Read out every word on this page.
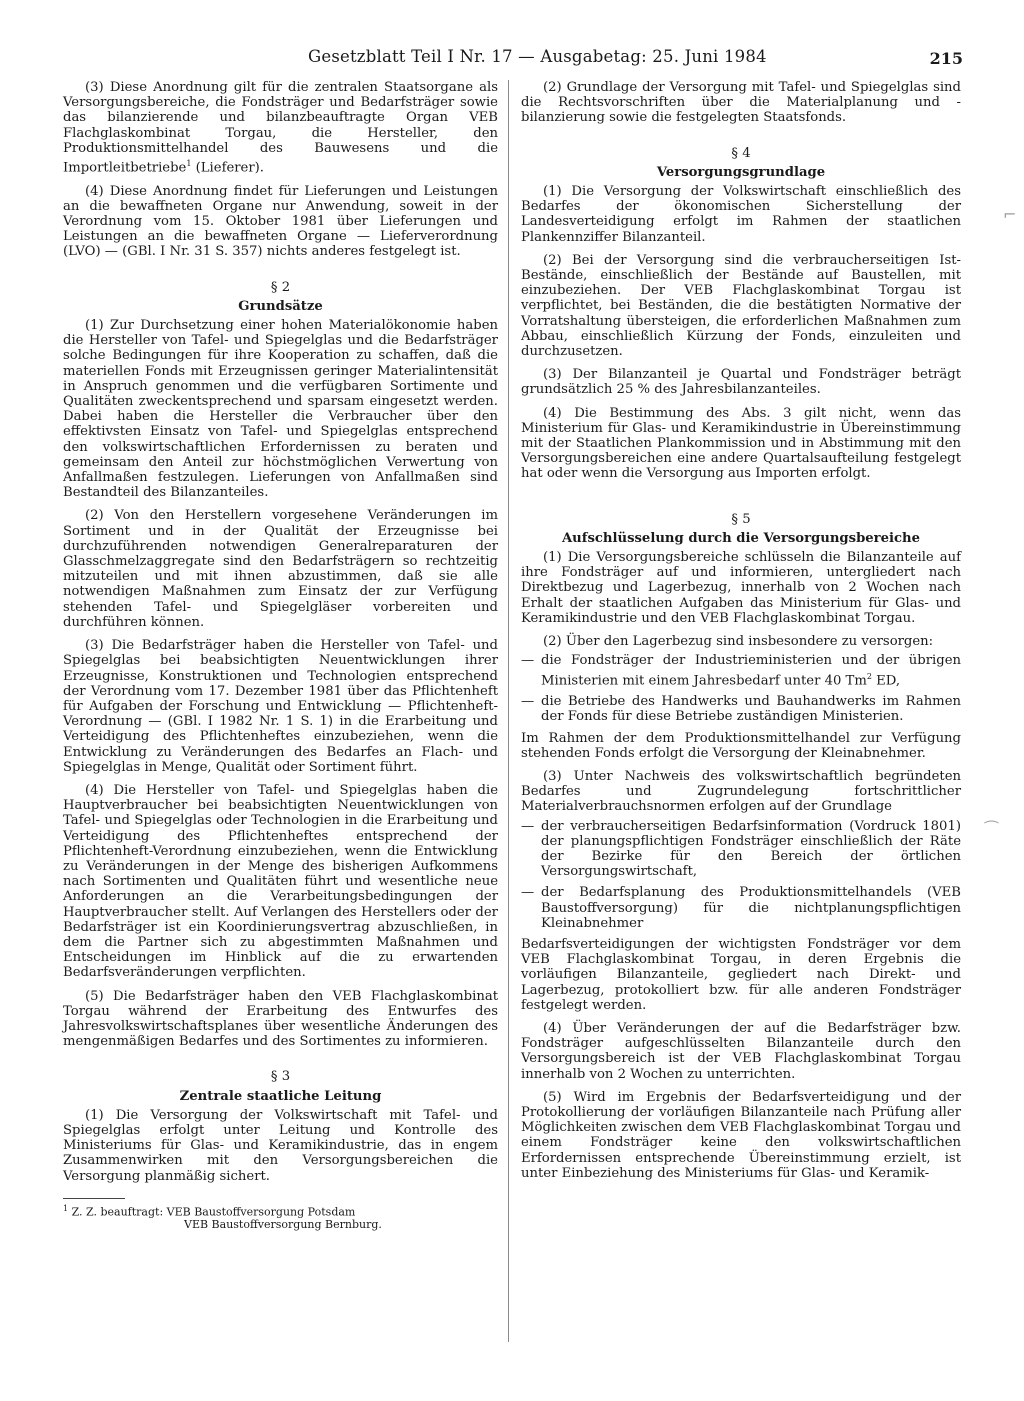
Gesetzblatt Teil I Nr. 17 — Ausgabetag: 25. Juni 1984	215

(3) Diese Anordnung gilt für die zentralen Staatsorgane als Versorgungsbereiche, die Fondsträger und Bedarfsträger sowie das bilanzierende und bilanzbeauftragte Organ VEB Flachglaskombinat Torgau, die Hersteller, den Produktionsmittelhandel des Bauwesens und die Importleitbetriebe$^1$ (Lieferer).

(4) Diese Anordnung findet für Lieferungen und Leistungen an die bewaffneten Organe nur Anwendung, soweit in der Verordnung vom 15. Oktober 1981 über Lieferungen und Leistungen an die bewaffneten Organe — Lieferverordnung (LVO) — (GBl. I Nr. 31 S. 357) nichts anderes festgelegt ist.

§ 2
Grundsätze

(1) Zur Durchsetzung einer hohen Materialökonomie haben die Hersteller von Tafel- und Spiegelglas und die Bedarfsträger solche Bedingungen für ihre Kooperation zu schaffen, daß die materiellen Fonds mit Erzeugnissen geringer Materialintensität in Anspruch genommen und die verfügbaren Sortimente und Qualitäten zweckentsprechend und sparsam eingesetzt werden. Dabei haben die Hersteller die Verbraucher über den effektivsten Einsatz von Tafel- und Spiegelglas entsprechend den volkswirtschaftlichen Erfordernissen zu beraten und gemeinsam den Anteil zur höchstmöglichen Verwertung von Anfallmaßen festzulegen. Lieferungen von Anfallmaßen sind Bestandteil des Bilanzanteiles.

(2) Von den Herstellern vorgesehene Veränderungen im Sortiment und in der Qualität der Erzeugnisse bei durchzuführenden notwendigen Generalreparaturen der Glasschmelzaggregate sind den Bedarfsträgern so rechtzeitig mitzuteilen und mit ihnen abzustimmen, daß sie alle notwendigen Maßnahmen zum Einsatz der zur Verfügung stehenden Tafel- und Spiegelgläser vorbereiten und durchführen können.

(3) Die Bedarfsträger haben die Hersteller von Tafel- und Spiegelglas bei beabsichtigten Neuentwicklungen ihrer Erzeugnisse, Konstruktionen und Technologien entsprechend der Verordnung vom 17. Dezember 1981 über das Pflichtenheft für Aufgaben der Forschung und Entwicklung — Pflichtenheft-Verordnung — (GBl. I 1982 Nr. 1 S. 1) in die Erarbeitung und Verteidigung des Pflichtenheftes einzubeziehen, wenn die Entwicklung zu Veränderungen des Bedarfes an Flach- und Spiegelglas in Menge, Qualität oder Sortiment führt.

(4) Die Hersteller von Tafel- und Spiegelglas haben die Hauptverbraucher bei beabsichtigten Neuentwicklungen von Tafel- und Spiegelglas oder Technologien in die Erarbeitung und Verteidigung des Pflichtenheftes entsprechend der Pflichtenheft-Verordnung einzubeziehen, wenn die Entwicklung zu Veränderungen in der Menge des bisherigen Aufkommens nach Sortimenten und Qualitäten führt und wesentliche neue Anforderungen an die Verarbeitungsbedingungen der Hauptverbraucher stellt. Auf Verlangen des Herstellers oder der Bedarfsträger ist ein Koordinierungsvertrag abzuschließen, in dem die Partner sich zu abgestimmten Maßnahmen und Entscheidungen im Hinblick auf die zu erwartenden Bedarfsveränderungen verpflichten.

(5) Die Bedarfsträger haben den VEB Flachglaskombinat Torgau während der Erarbeitung des Entwurfes des Jahresvolkswirtschaftsplanes über wesentliche Änderungen des mengenmäßigen Bedarfes und des Sortimentes zu informieren.

§ 3
Zentrale staatliche Leitung

(1) Die Versorgung der Volkswirtschaft mit Tafel- und Spiegelglas erfolgt unter Leitung und Kontrolle des Ministeriums für Glas- und Keramikindustrie, das in engem Zusammenwirken mit den Versorgungsbereichen die Versorgung planmäßig sichert.

$^1$ Z. Z. beauftragt: VEB Baustoffversorgung Potsdam
VEB Baustoffversorgung Bernburg.

(2) Grundlage der Versorgung mit Tafel- und Spiegelglas sind die Rechtsvorschriften über die Materialplanung und -bilanzierung sowie die festgelegten Staatsfonds.

§ 4
Versorgungsgrundlage

(1) Die Versorgung der Volkswirtschaft einschließlich des Bedarfes der ökonomischen Sicherstellung der Landesverteidigung erfolgt im Rahmen der staatlichen Plankennziffer Bilanzanteil.

(2) Bei der Versorgung sind die verbraucherseitigen Ist-Bestände, einschließlich der Bestände auf Baustellen, mit einzubeziehen. Der VEB Flachglaskombinat Torgau ist verpflichtet, bei Beständen, die die bestätigten Normative der Vorratshaltung übersteigen, die erforderlichen Maßnahmen zum Abbau, einschließlich Kürzung der Fonds, einzuleiten und durchzusetzen.

(3) Der Bilanzanteil je Quartal und Fondsträger beträgt grundsätzlich 25 % des Jahresbilanzanteiles.

(4) Die Bestimmung des Abs. 3 gilt nicht, wenn das Ministerium für Glas- und Keramikindustrie in Übereinstimmung mit der Staatlichen Plankommission und in Abstimmung mit den Versorgungsbereichen eine andere Quartalsaufteilung festgelegt hat oder wenn die Versorgung aus Importen erfolgt.

§ 5
Aufschlüsselung durch die Versorgungsbereiche

(1) Die Versorgungsbereiche schlüsseln die Bilanzanteile auf ihre Fondsträger auf und informieren, untergliedert nach Direktbezug und Lagerbezug, innerhalb von 2 Wochen nach Erhalt der staatlichen Aufgaben das Ministerium für Glas- und Keramikindustrie und den VEB Flachglaskombinat Torgau.

(2) Über den Lagerbezug sind insbesondere zu versorgen:

— die Fondsträger der Industrieministerien und der übrigen Ministerien mit einem Jahresbedarf unter 40 Tm$^2$ ED,
— die Betriebe des Handwerks und Bauhandwerks im Rahmen der Fonds für diese Betriebe zuständigen Ministerien.

Im Rahmen der dem Produktionsmittelhandel zur Verfügung stehenden Fonds erfolgt die Versorgung der Kleinabnehmer.

(3) Unter Nachweis des volkswirtschaftlich begründeten Bedarfes und Zugrundelegung fortschrittlicher Materialverbrauchsnormen erfolgen auf der Grundlage

— der verbraucherseitigen Bedarfsinformation (Vordruck 1801) der planungspflichtigen Fondsträger einschließlich der Räte der Bezirke für den Bereich der örtlichen Versorgungswirtschaft,
— der Bedarfsplanung des Produktionsmittelhandels (VEB Baustoffversorgung) für die nichtplanungspflichtigen Kleinabnehmer

Bedarfsverteidigungen der wichtigsten Fondsträger vor dem VEB Flachglaskombinat Torgau, in deren Ergebnis die vorläufigen Bilanzanteile, gegliedert nach Direkt- und Lagerbezug, protokolliert bzw. für alle anderen Fondsträger festgelegt werden.

(4) Über Veränderungen der auf die Bedarfsträger bzw. Fondsträger aufgeschlüsselten Bilanzanteile durch den Versorgungsbereich ist der VEB Flachglaskombinat Torgau innerhalb von 2 Wochen zu unterrichten.

(5) Wird im Ergebnis der Bedarfsverteidigung und der Protokollierung der vorläufigen Bilanzanteile nach Prüfung aller Möglichkeiten zwischen dem VEB Flachglaskombinat Torgau und einem Fondsträger keine den volkswirtschaftlichen Erfordernissen entsprechende Übereinstimmung erzielt, ist unter Einbeziehung des Ministeriums für Glas- und Keramik-

⌐
⁀
